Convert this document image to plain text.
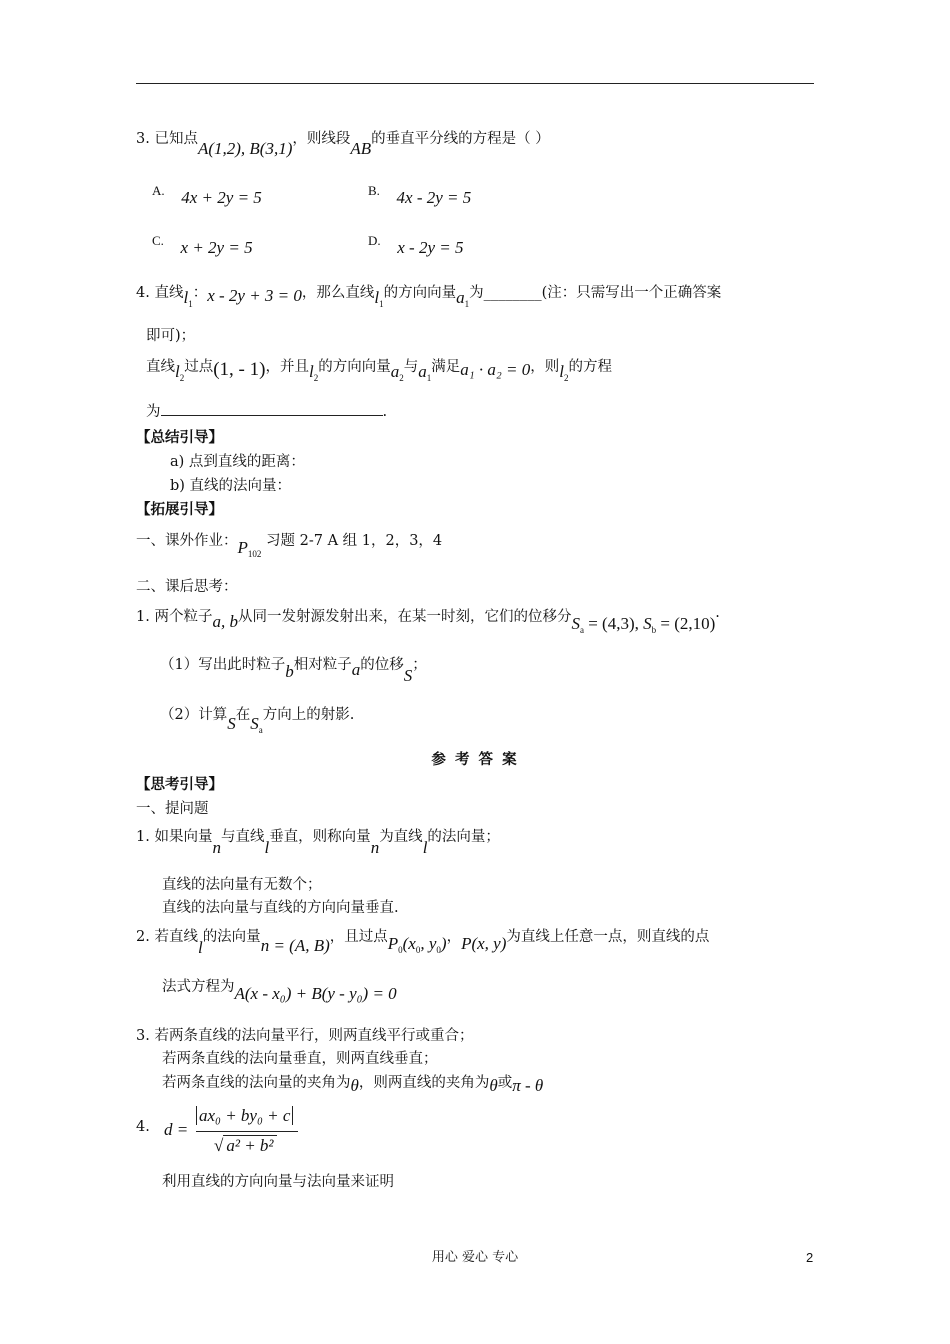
3. 已知点A(1,2), B(3,1)，则线段AB的垂直平分线的方程是（ ）
A. 4x + 2y = 5	B. 4x - 2y = 5
C. x + 2y = 5	D. x - 2y = 5
4. 直线$l_1$：x - 2y + 3 = 0，那么直线$l_1$的方向向量$a_1$为________(注：只需写出一个正确答案
即可)；
直线$l_2$过点(1, - 1)，并且$l_2$的方向向量$a_2$与$a_1$满足a₁ · a₂ = 0，则$l_2$的方程
为	.
【总结引导】
a) 点到直线的距离：
b) 直线的法向量：
【拓展引导】
一、课外作业：$P_{102}$ 习题 2-7 A 组 1，2，3，4
二、课后思考：
1. 两个粒子a, b从同一发射源发射出来，在某一时刻，它们的位移分$S_a = (4,3)$, $S_b = (2,10)\cdot$
（1）写出此时粒子b相对粒子a的位移S；
（2）计算S在$S_a$方向上的射影.
参 考 答 案
【思考引导】
一、提问题
1. 如果向量n与直线l垂直，则称向量n为直线l的法向量；
直线的法向量有无数个；
直线的法向量与直线的方向向量垂直.
2. 若直线l的法向量n = (A, B)，且过点$P_0(x_0$, $y_0$)，P(x, y)为直线上任意一点，则直线的点
法式方程为A(x - x₀) + B(y - y₀) = 0
3. 若两条直线的法向量平行，则两直线平行或重合；
若两条直线的法向量垂直，则两直线垂直；
若两条直线的法向量的夹角为θ，则两直线的夹角为θ或π - θ
4. d =
ax₀ + by₀ + c
√ a² + b²
利用直线的方向向量与法向量来证明
用心 爱心 专心	2
